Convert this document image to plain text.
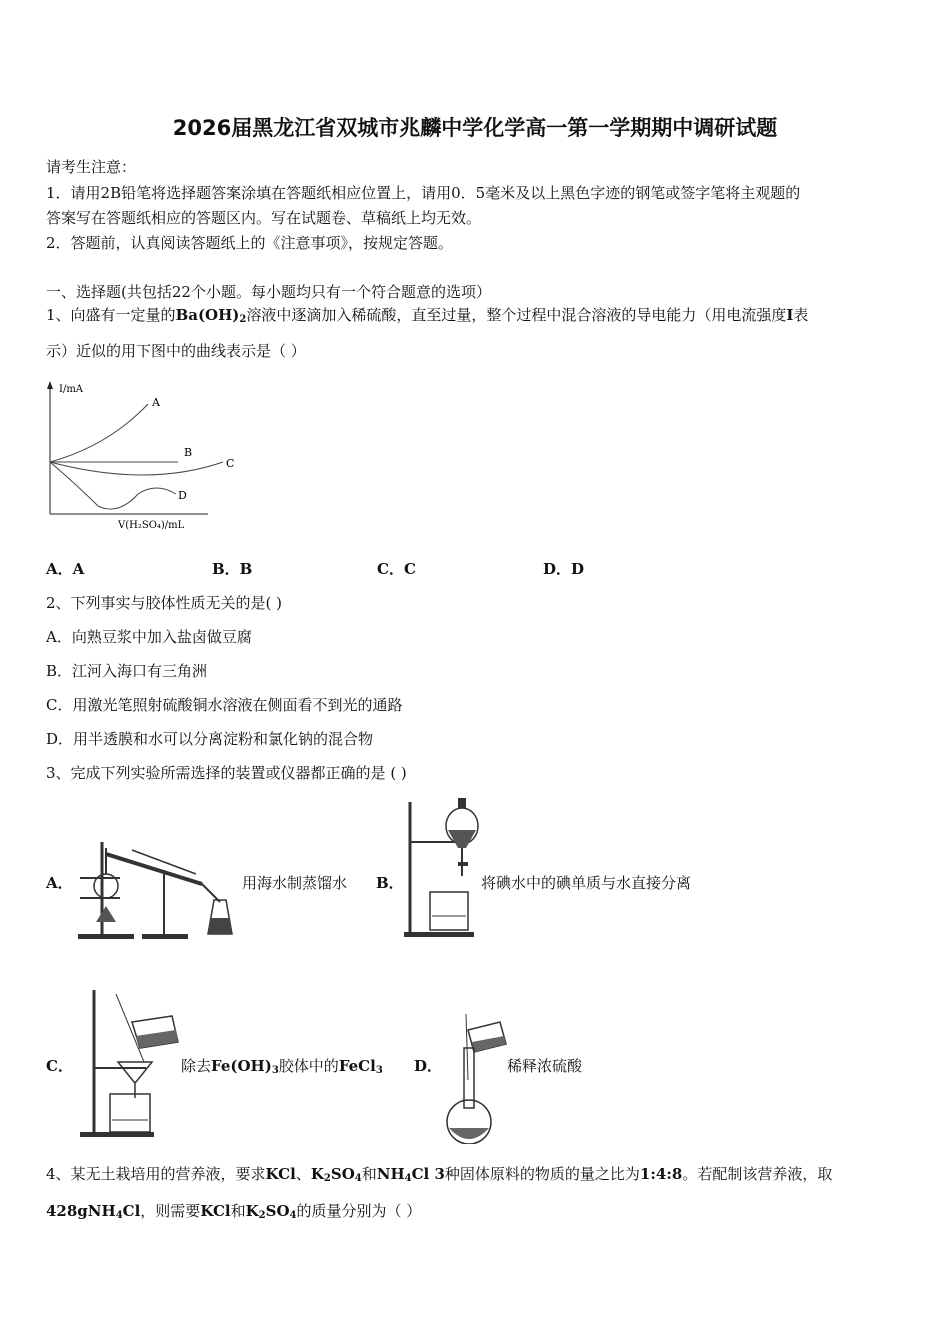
2026届黑龙江省双城市兆麟中学化学高一第一学期期中调研试题
请考生注意：
1．请用2B铅笔将选择题答案涂填在答题纸相应位置上，请用0．5毫米及以上黑色字迹的钢笔或签字笔将主观题的
答案写在答题纸相应的答题区内。写在试题卷、草稿纸上均无效。
2．答题前，认真阅读答题纸上的《注意事项》，按规定答题。
一、选择题(共包括22个小题。每小题均只有一个符合题意的选项）
1、向盛有一定量的$Ba(OH)_2$溶液中逐滴加入稀硫酸，直至过量，整个过程中混合溶液的导电能力（用电流强度I表
示）近似的用下图中的曲线表示是（ ）
I/mA
V(H₂SO₄)/mL
A
B
C
D
A．A	B．B	C．C	D．D
2、下列事实与胶体性质无关的是( )
A．向熟豆浆中加入盐卤做豆腐
B．江河入海口有三角洲
C．用激光笔照射硫酸铜水溶液在侧面看不到光的通路
D．用半透膜和水可以分离淀粉和氯化钠的混合物
3、完成下列实验所需选择的装置或仪器都正确的是 ( )
A．	用海水制蒸馏水 B．	将碘水中的碘单质与水直接分离
C．	除去$Fe(OH)_3$胶体中的FeCl$_3$ D．	稀释浓硫酸
4、某无土栽培用的营养液，要求KCl、$K_2SO_4$和$NH_4Cl$ 3种固体原料的物质的量之比为1:4:8。若配制该营养液，取
428gNH$_4$Cl，则需要KCl和$K_2SO_4$的质量分别为（ ）
